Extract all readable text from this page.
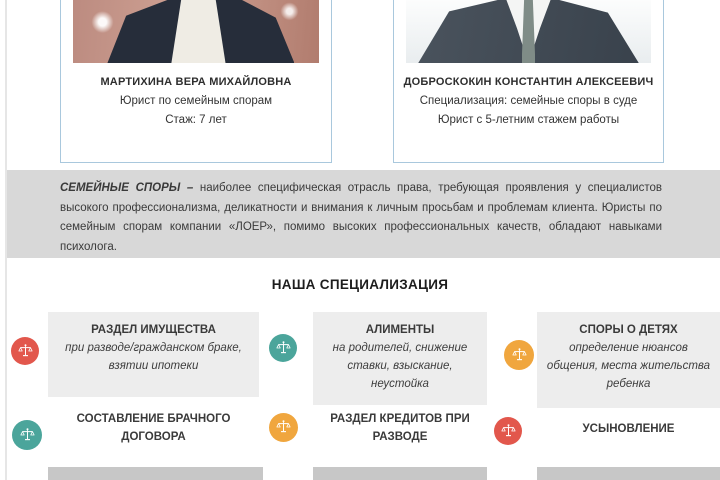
МАРТИХИНА ВЕРА МИХАЙЛОВНА
Юрист по семейным спорам
Стаж: 7 лет
ДОБРОСКОКИН КОНСТАНТИН АЛЕКСЕЕВИЧ
Специализация: семейные споры в суде
Юрист с 5-летним стажем работы

СЕМЕЙНЫЕ СПОРЫ – наиболее специфическая отрасль права, требующая проявления у специалистов высокого профессионализма, деликатности и внимания к личным просьбам и проблемам клиента. Юристы по семейным спорам компании «ЛОЕР», помимо высоких профессиональных качеств, обладают навыками психолога.

НАША СПЕЦИАЛИЗАЦИЯ
РАЗДЕЛ ИМУЩЕСТВА
при разводе/гражданском браке, взятии ипотеки
АЛИМЕНТЫ
на родителей, снижение ставки, взыскание, неустойка
СПОРЫ О ДЕТЯХ
определение нюансов общения, места жительства ребенка
СОСТАВЛЕНИЕ БРАЧНОГО ДОГОВОРА
РАЗДЕЛ КРЕДИТОВ ПРИ РАЗВОДЕ
УСЫНОВЛЕНИЕ
